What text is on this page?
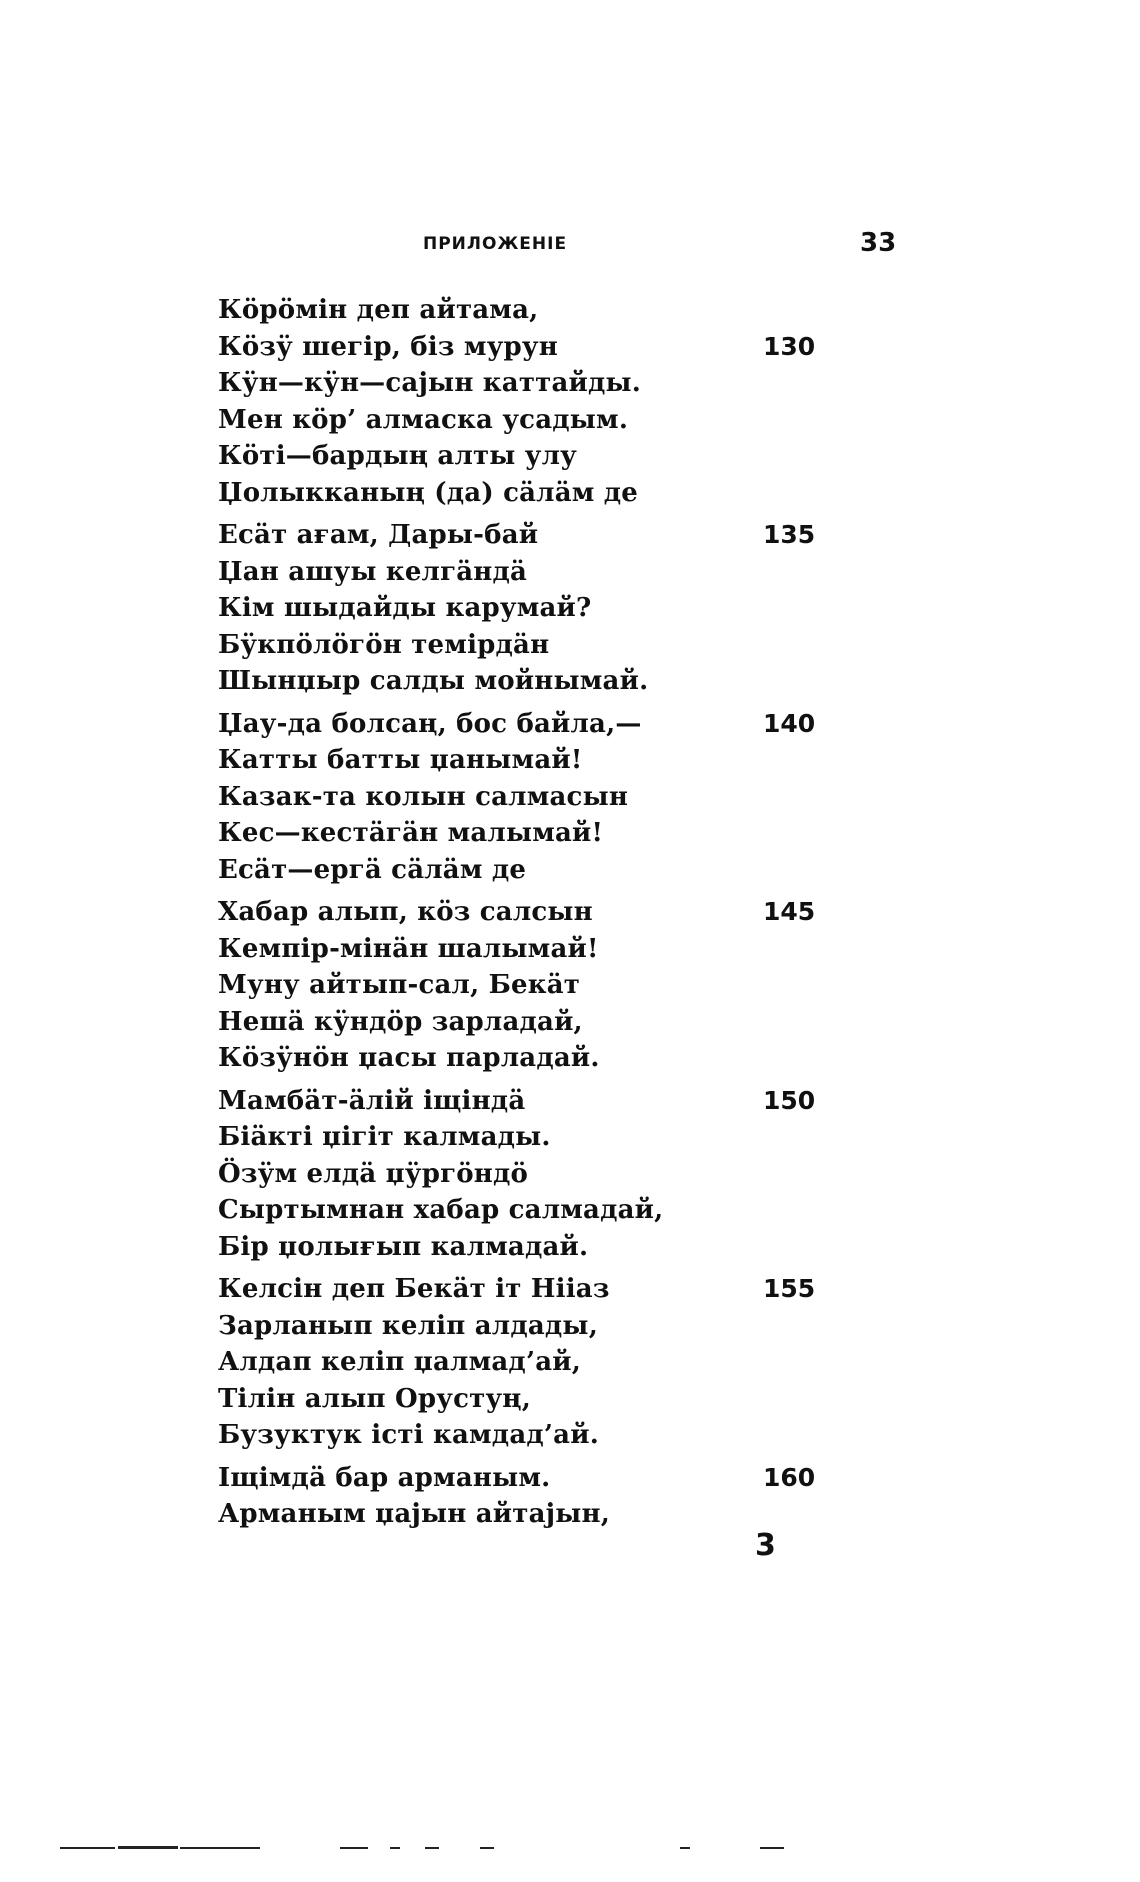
ПРИЛОЖЕНІЕ	33
130
Кӧрӧмін деп айтама,
Кӧзӱ шегір, біз мурун
Кӱн—кӱн—сајын каттайды.
Мен кӧр’ алмаска усадым.
Кӧті—бардың алты улу
Џолыкканың (да) сӓлӓм де
135
Есӓт ағам, Дары-бай
Џан ашуы келгӓндӓ
Кім шыдайды карумай?
Бӱкпӧлӧгӧн темірдӓн
Шынџыр салды мойнымай.
140
Џау-да болсаң, бос байла,—
Катты батты џанымай!
Казак-та колын салмасын
Кес—кестӓгӓн малымай!
Есӓт—ергӓ сӓлӓм де
145
Хабар алып, кӧз салсын
Кемпір-мінӓн шалымай!
Муну айтып-сал, Бекӓт
Нешӓ кӱндӧр зарладай,
Кӧзӱнӧн џасы парладай.
150
Мамбӓт-ӓлій іщіндӓ
Біӓкті џігіт калмады.
Ӧзӱм елдӓ џӱргӧндӧ
Сыртымнан хабар салмадай,
Бір џолығып калмадай.
155
Келсін деп Бекӓт іт Нііаз
Зарланып келіп алдады,
Алдап келіп џалмад’ай,
Тілін алып Орустуң,
Бузуктук істі камдад’ай.
160
Іщімдӓ бар арманым.
Арманым џајын айтајын,
3
